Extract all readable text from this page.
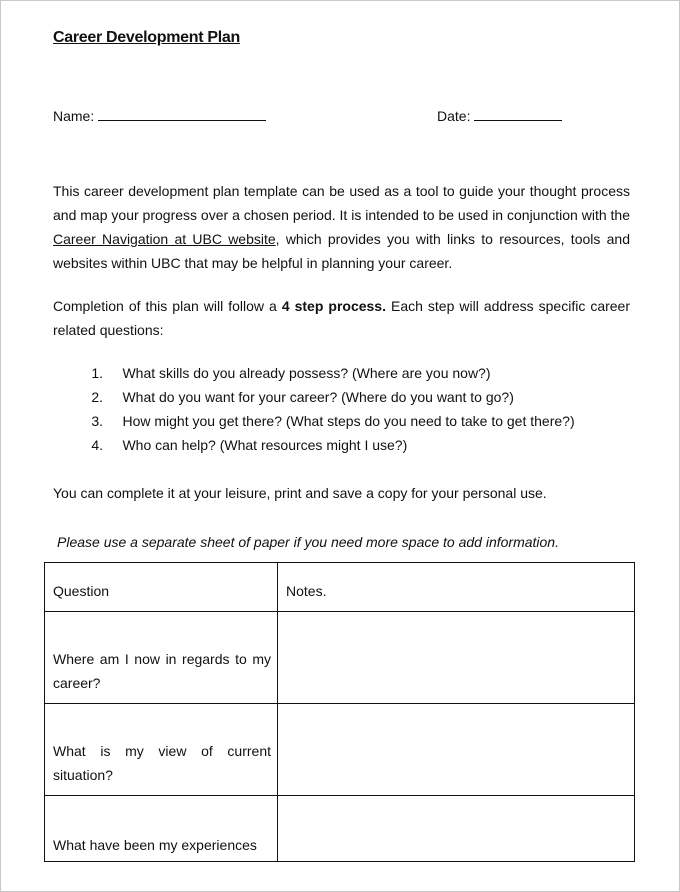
Career Development Plan
Name:	Date:

This career development plan template can be used as a tool to guide your thought process and map your progress over a chosen period. It is intended to be used in conjunction with the Career Navigation at UBC website, which provides you with links to resources, tools and websites within UBC that may be helpful in planning your career.

Completion of this plan will follow a 4 step process. Each step will address specific career related questions:

1. What skills do you already possess? (Where are you now?)
2. What do you want for your career? (Where do you want to go?)
3. How might you get there? (What steps do you need to take to get there?)
4. Who can help? (What resources might I use?)

You can complete it at your leisure, print and save a copy for your personal use.

Please use a separate sheet of paper if you need more space to add information.

Question	Notes.
Where am I now in regards to my career?	
What is my view of current situation?	
What have been my experiences	
